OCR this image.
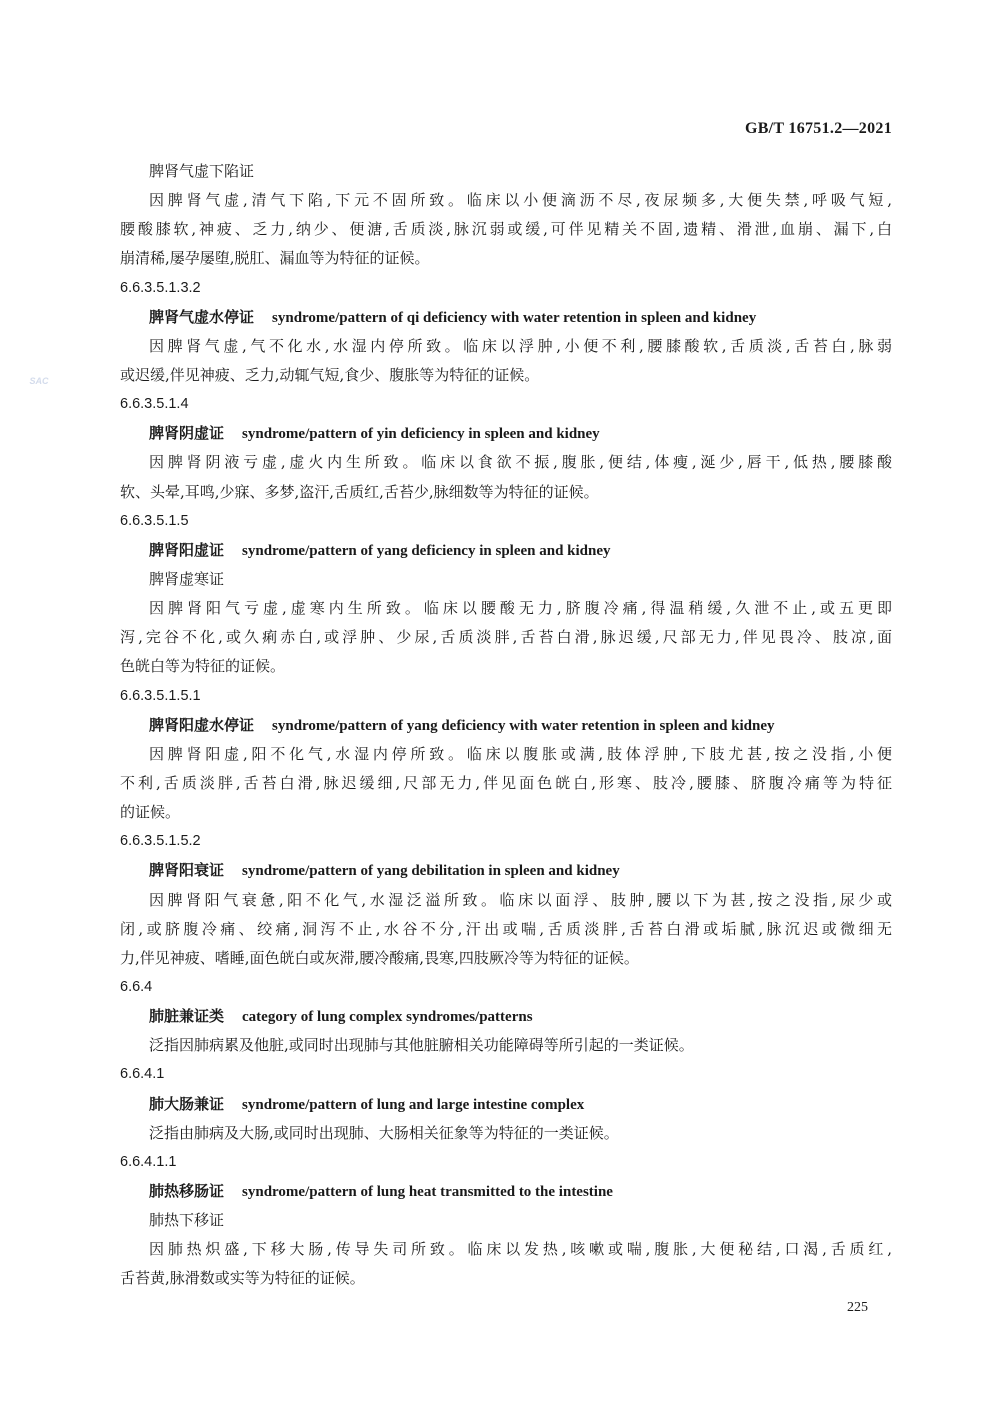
GB/T 16751.2—2021
SAC
脾肾气虚下陷证
因脾肾气虚,清气下陷,下元不固所致。临床以小便滴沥不尽,夜尿频多,大便失禁,呼吸气短,
腰酸膝软,神疲、乏力,纳少、便溏,舌质淡,脉沉弱或缓,可伴见精关不固,遗精、滑泄,血崩、漏下,白
崩清稀,屡孕屡堕,脱肛、漏血等为特征的证候。
6.6.3.5.1.3.2
脾肾气虚水停证 syndrome/pattern of qi deficiency with water retention in spleen and kidney
因脾肾气虚,气不化水,水湿内停所致。临床以浮肿,小便不利,腰膝酸软,舌质淡,舌苔白,脉弱
或迟缓,伴见神疲、乏力,动辄气短,食少、腹胀等为特征的证候。
6.6.3.5.1.4
脾肾阴虚证 syndrome/pattern of yin deficiency in spleen and kidney
因脾肾阴液亏虚,虚火内生所致。临床以食欲不振,腹胀,便结,体瘦,涎少,唇干,低热,腰膝酸
软、头晕,耳鸣,少寐、多梦,盗汗,舌质红,舌苔少,脉细数等为特征的证候。
6.6.3.5.1.5
脾肾阳虚证 syndrome/pattern of yang deficiency in spleen and kidney
脾肾虚寒证
因脾肾阳气亏虚,虚寒内生所致。临床以腰酸无力,脐腹冷痛,得温稍缓,久泄不止,或五更即
泻,完谷不化,或久痢赤白,或浮肿、少尿,舌质淡胖,舌苔白滑,脉迟缓,尺部无力,伴见畏冷、肢凉,面
色㿠白等为特征的证候。
6.6.3.5.1.5.1
脾肾阳虚水停证 syndrome/pattern of yang deficiency with water retention in spleen and kidney
因脾肾阳虚,阳不化气,水湿内停所致。临床以腹胀或满,肢体浮肿,下肢尤甚,按之没指,小便
不利,舌质淡胖,舌苔白滑,脉迟缓细,尺部无力,伴见面色㿠白,形寒、肢冷,腰膝、脐腹冷痛等为特征
的证候。
6.6.3.5.1.5.2
脾肾阳衰证 syndrome/pattern of yang debilitation in spleen and kidney
因脾肾阳气衰惫,阳不化气,水湿泛溢所致。临床以面浮、肢肿,腰以下为甚,按之没指,尿少或
闭,或脐腹冷痛、绞痛,洞泻不止,水谷不分,汗出或喘,舌质淡胖,舌苔白滑或垢腻,脉沉迟或微细无
力,伴见神疲、嗜睡,面色㿠白或灰滞,腰冷酸痛,畏寒,四肢厥冷等为特征的证候。
6.6.4
肺脏兼证类 category of lung complex syndromes/patterns
泛指因肺病累及他脏,或同时出现肺与其他脏腑相关功能障碍等所引起的一类证候。
6.6.4.1
肺大肠兼证 syndrome/pattern of lung and large intestine complex
泛指由肺病及大肠,或同时出现肺、大肠相关征象等为特征的一类证候。
6.6.4.1.1
肺热移肠证 syndrome/pattern of lung heat transmitted to the intestine
肺热下移证
因肺热炽盛,下移大肠,传导失司所致。临床以发热,咳嗽或喘,腹胀,大便秘结,口渴,舌质红,
舌苔黄,脉滑数或实等为特征的证候。
225
